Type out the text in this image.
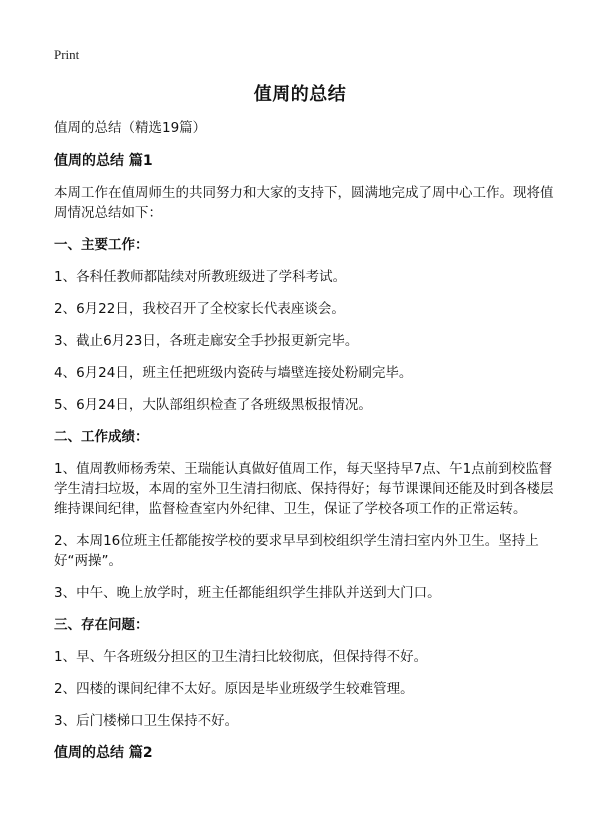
Print
值周的总结

值周的总结（精选19篇）

值周的总结 篇1

本周工作在值周师生的共同努力和大家的支持下，圆满地完成了周中心工作。现将值周情况总结如下：

一、主要工作：

1、各科任教师都陆续对所教班级进了学科考试。

2、6月22日，我校召开了全校家长代表座谈会。

3、截止6月23日，各班走廊安全手抄报更新完毕。

4、6月24日，班主任把班级内瓷砖与墙壁连接处粉刷完毕。

5、6月24日，大队部组织检查了各班级黑板报情况。

二、工作成绩：

1、值周教师杨秀荣、王瑞能认真做好值周工作，每天坚持早7点、午1点前到校监督学生清扫垃圾，本周的室外卫生清扫彻底、保持得好；每节课课间还能及时到各楼层维持课间纪律，监督检查室内外纪律、卫生，保证了学校各项工作的正常运转。

2、本周16位班主任都能按学校的要求早早到校组织学生清扫室内外卫生。坚持上好“两操”。

3、中午、晚上放学时，班主任都能组织学生排队并送到大门口。

三、存在问题：

1、早、午各班级分担区的卫生清扫比较彻底，但保持得不好。

2、四楼的课间纪律不太好。原因是毕业班级学生较难管理。

3、后门楼梯口卫生保持不好。

值周的总结 篇2
